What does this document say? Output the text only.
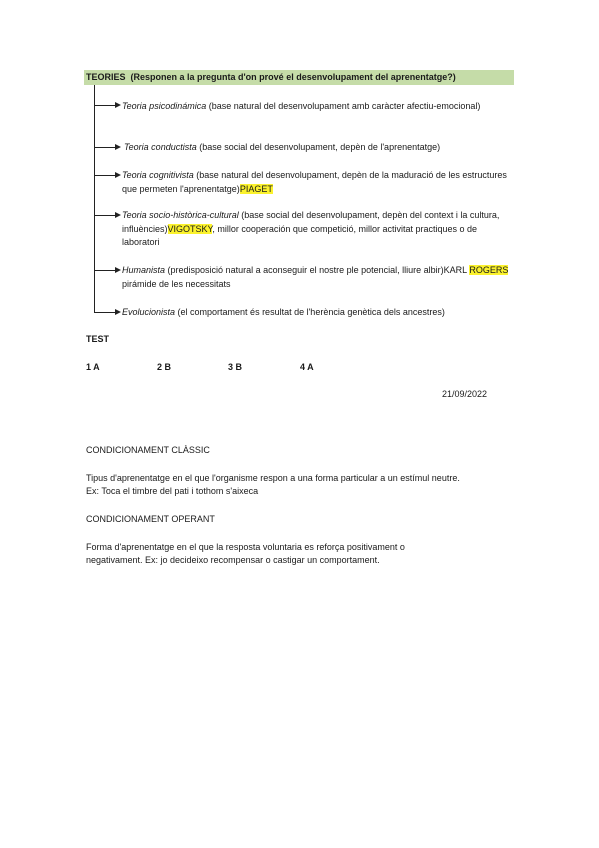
TEORIES (Responen a la pregunta d'on prové el desenvolupament del aprenentatge?)
Teoria psicodinámica (base natural del desenvolupament amb caràcter afectiu-emocional)
Teoria conductista (base social del desenvolupament, depèn de l'aprenentatge)
Teoria cognitivista (base natural del desenvolupament, depèn de la maduració de les estructures que permeten l'aprenentatge)PIAGET
Teoria socio-històrica-cultural (base social del desenvolupament, depèn del context i la cultura, influències)VIGOTSKY, millor cooperación que competició, millor activitat practiques o de laboratori
Humanista (predisposició natural a aconseguir el nostre ple potencial, lliure albir)KARL ROGERS pirámide de les necessitats
Evolucionista (el comportament és resultat de l'herència genètica dels ancestres)
TEST
1 A	2 B	3 B	4 A
21/09/2022
CONDICIONAMENT CLÀSSIC
Tipus d'aprenentatge en el que l'organisme respon a una forma particular a un estímul neutre.
Ex: Toca el timbre del pati i tothom s'aixeca
CONDICIONAMENT OPERANT
Forma d'aprenentatge en el que la resposta voluntaria es reforça positivament o
negativament. Ex: jo decideixo recompensar o castigar un comportament.
